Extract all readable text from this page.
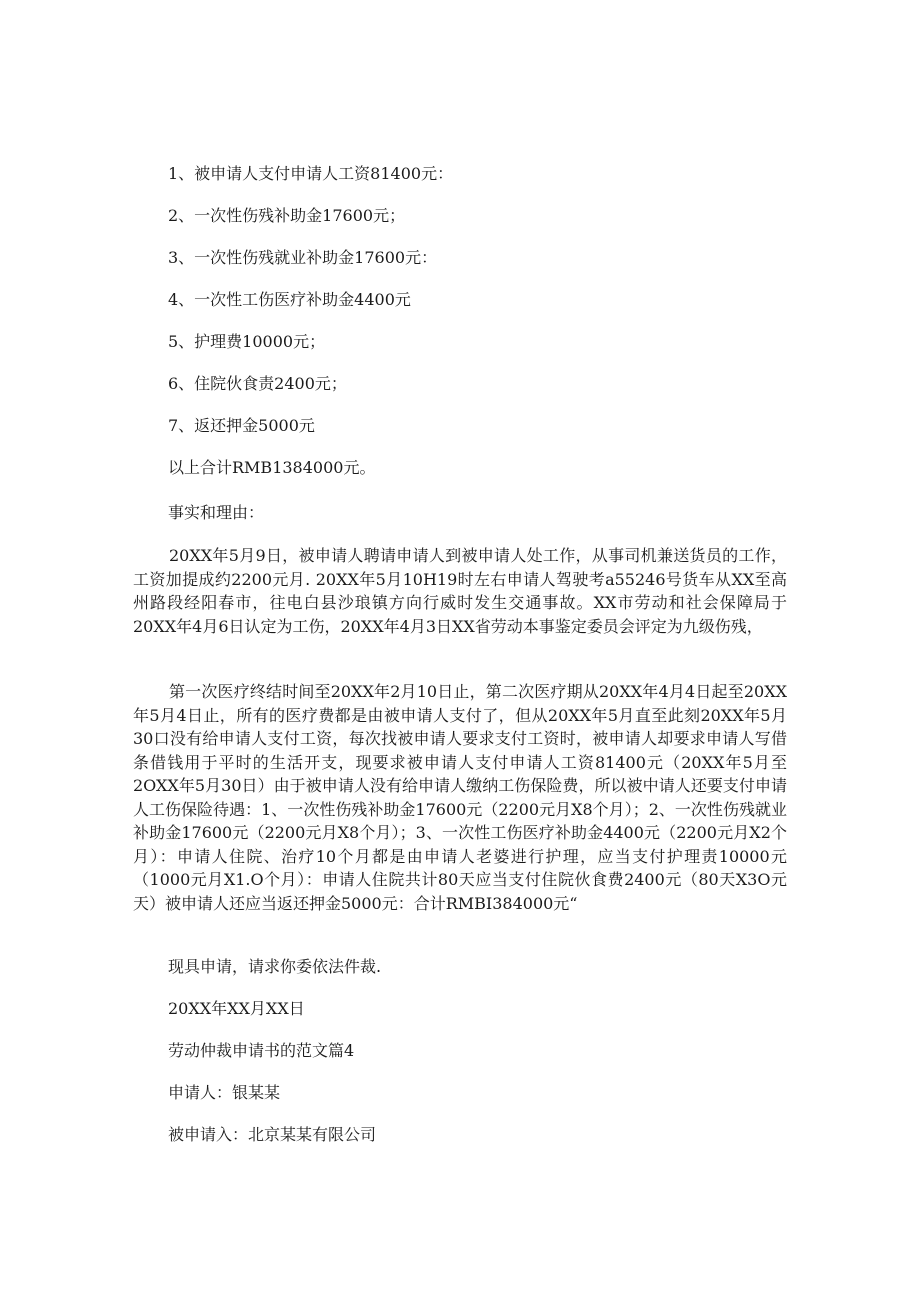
1、被申请人支付申请人工资81400元：

2、一次性伤残补助金17600元；

3、一次性伤残就业补助金17600元：

4、一次性工伤医疗补助金4400元

5、护理费10000元；

6、住院伙食责2400元；

7、返还押金5000元

以上合计RMB1384000元。

事实和理由：

20XX年5月9日，被申请人聘请申请人到被申请人处工作，从事司机兼送货员的工作，工资加提成约2200元月. 20XX年5月10H19时左右申请人驾驶考a55246号货车从XX至高州路段经阳春市，往电白县沙琅镇方向行威时发生交通事故。XX市劳动和社会保障局于20XX年4月6日认定为工伤，20XX年4月3日XX省劳动本事鉴定委员会评定为九级伤残，

第一次医疗终结时间至20XX年2月10日止，第二次医疗期从20XX年4月4日起至20XX年5月4日止，所有的医疗费都是由被申请人支付了，但从20XX年5月直至此刻20XX年5月30口没有给申请人支付工资，每次找被申请人要求支付工资时，被申请人却要求申请人写借条借钱用于平时的生活开支，现要求被申请人支付申请人工资81400元（20XX年5月至2OXX年5月30日）由于被申请人没有给申请人缴纳工伤保险费，所以被中请人还要支付申请人工伤保险待遇：1、一次性伤残补助金17600元（2200元月X8个月）；2、一次性伤残就业补助金17600元（2200元月X8个月）；3、一次性工伤医疗补助金4400元（2200元月X2个月）：申请人住院、治疗10个月都是由申请人老婆进行护理，应当支付护理责10000元（1000元月X1.O个月）：申请人住院共计80天应当支付住院伙食费2400元（80天X3O元天）被申请人还应当返还押金5000元：合计RMBI384000元“

现具申请，请求你委依法件裁.

20XX年XX月XX日

劳动仲裁申请书的范文篇4

申请人：银某某

被申请入：北京某某有限公司
